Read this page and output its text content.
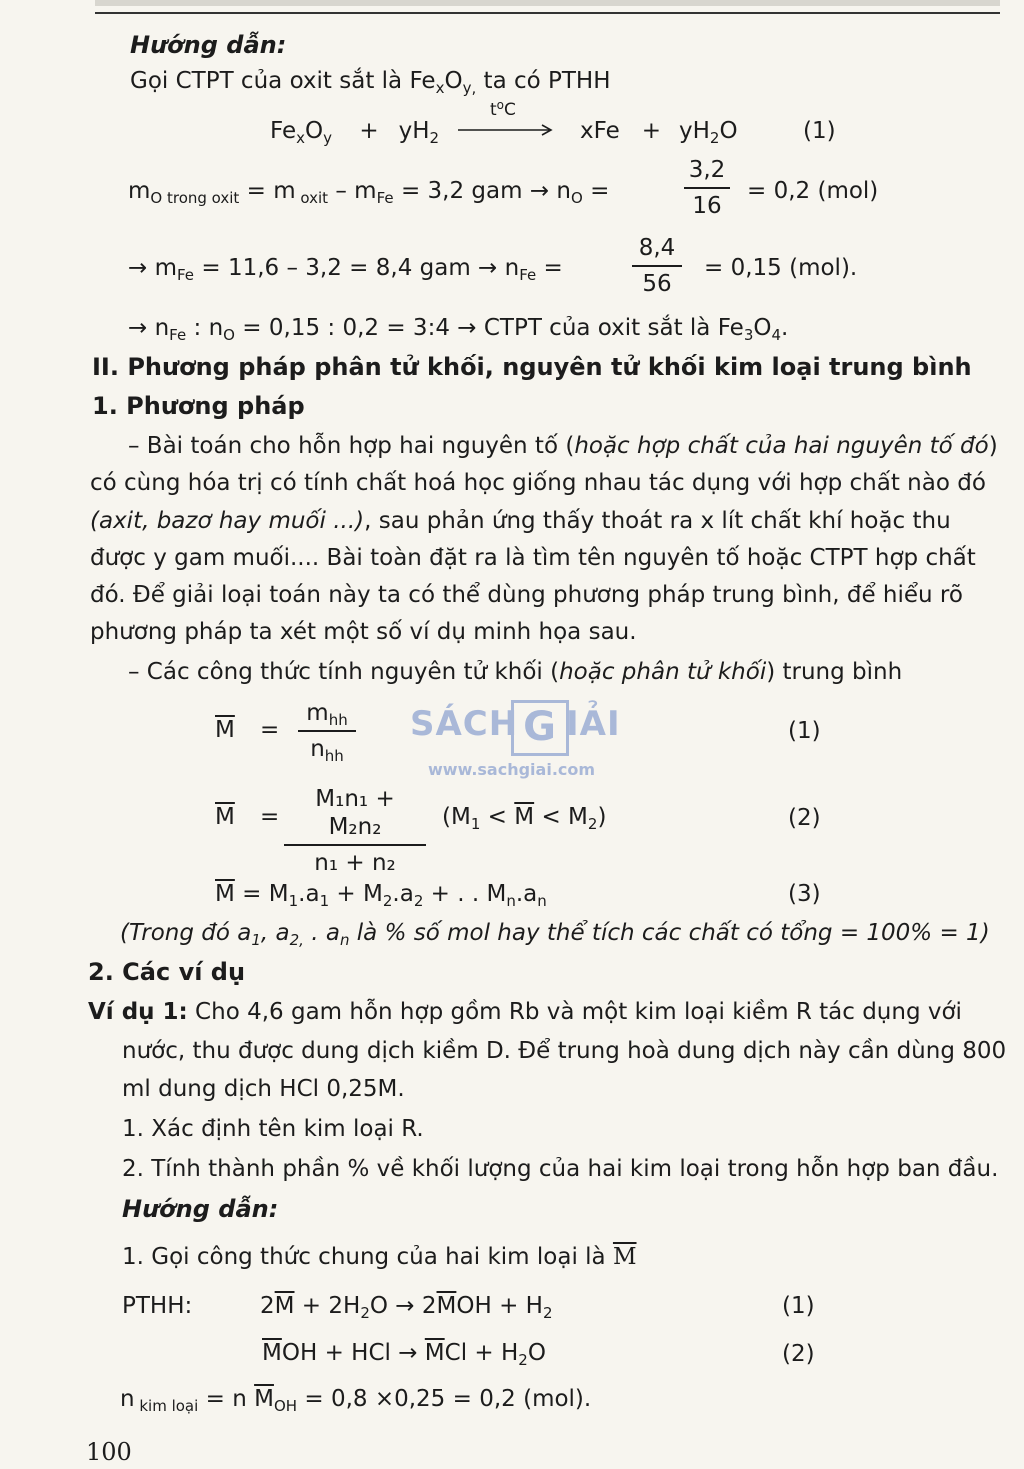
Hướng dẫn:
Gọi CTPT của oxit sắt là $Fe_xO_{y,}$ ta có PTHH
$Fe_xO_y + yH_2$
$t^oC$
xFe + $yH_2O$	(1)
$m_{O trong oxit} = m$ $_{oxit} - m_{Fe} = 3,2$ gam → $n_O$ =
3,2
16
= 0,2 (mol)
→ $m_{Fe} = 11,6 - 3,2 = 8,4$ gam → $n_{Fe}$ =
8,4
56
= 0,15 (mol).
→ $n_{Fe}$ : $n_O = 0,15$ : 0,2 = 3:4 → CTPT của oxit sắt là $Fe_3O_4$.
II. Phương pháp phân tử khối, nguyên tử khối kim loại trung bình
1. Phương pháp
– Bài toán cho hỗn hợp hai nguyên tố (hoặc hợp chất của hai nguyên tố đó)
có cùng hóa trị có tính chất hoá học giống nhau tác dụng với hợp chất nào đó
(axit, bazơ hay muối ...), sau phản ứng thấy thoát ra x lít chất khí hoặc thu
được y gam muối.... Bài toàn đặt ra là tìm tên nguyên tố hoặc CTPT hợp chất
đó. Để giải loại toán này ta có thể dùng phương pháp trung bình, để hiểu rõ
phương pháp ta xét một số ví dụ minh họa sau.
– Các công thức tính nguyên tử khối (hoặc phân tử khối) trung bình
$\overline{M}$ =
$m_{hh}$
$n_{hh}$
(1)
SÁCH G IẢI
www.sachgiai.com
$\overline{M}$ =
M₁n₁ + M₂n₂
n₁ + n₂
$(M_1 < \overline{M} < M_2)$	(2)
$\overline{M} = M_1.a_1 + M_2.a_2$ + . . $M_n.a_n$	(3)
(Trong đó $a_1$, $a_{2,}$ . $a_n$ là % số mol hay thể tích các chất có tổng = 100% = 1)
2. Các ví dụ
Ví dụ 1: Cho 4,6 gam hỗn hợp gồm Rb và một kim loại kiềm R tác dụng với
nước, thu được dung dịch kiềm D. Để trung hoà dung dịch này cần dùng 800
ml dung dịch HCl 0,25M.
1. Xác định tên kim loại R.
2. Tính thành phần % về khối lượng của hai kim loại trong hỗn hợp ban đầu.
Hướng dẫn:
1. Gọi công thức chung của hai kim loại là $\overline{M}$
PTHH:	$2\overline{M} + 2H_2O \to 2\overline{M}OH + H_2$	(1)
$\overline{M}OH$ + HCl → $\overline{M}Cl + H_2O$	(2)
n $_{kim loại}$ = n $\overline{M}_{OH} = 0,8 \times 0,25 = 0,2$ (mol).
100
